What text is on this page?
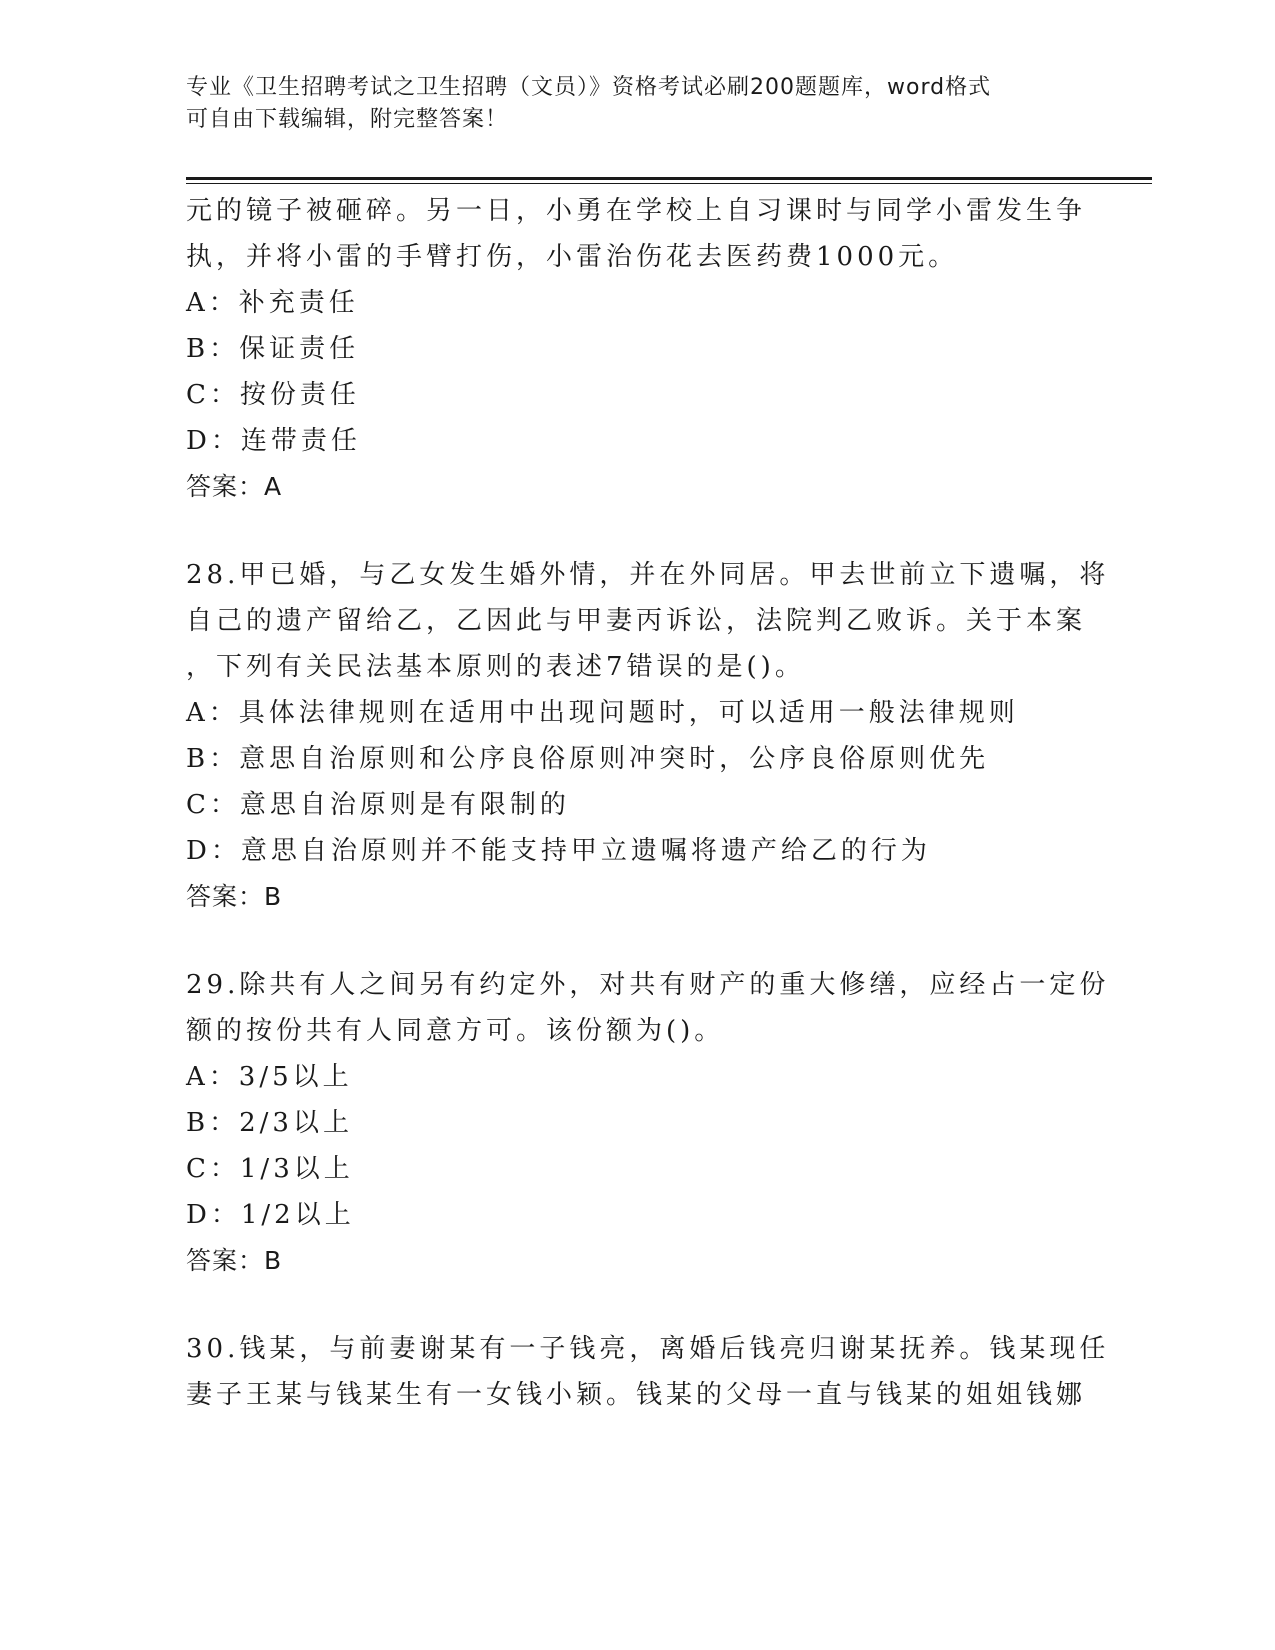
专业《卫生招聘考试之卫生招聘（文员）》资格考试必刷200题题库，word格式
可自由下载编辑，附完整答案！
元的镜子被砸碎。另一日，小勇在学校上自习课时与同学小雷发生争
执，并将小雷的手臂打伤，小雷治伤花去医药费1000元。
A：补充责任
B：保证责任
C：按份责任
D：连带责任
答案：A
28.甲已婚，与乙女发生婚外情，并在外同居。甲去世前立下遗嘱，将
自己的遗产留给乙，乙因此与甲妻丙诉讼，法院判乙败诉。关于本案
，下列有关民法基本原则的表述7错误的是()。
A：具体法律规则在适用中出现问题时，可以适用一般法律规则
B：意思自治原则和公序良俗原则冲突时，公序良俗原则优先
C：意思自治原则是有限制的
D：意思自治原则并不能支持甲立遗嘱将遗产给乙的行为
答案：B
29.除共有人之间另有约定外，对共有财产的重大修缮，应经占一定份
额的按份共有人同意方可。该份额为()。
A：3/5以上
B：2/3以上
C：1/3以上
D：1/2以上
答案：B
30.钱某，与前妻谢某有一子钱亮，离婚后钱亮归谢某抚养。钱某现任
妻子王某与钱某生有一女钱小颖。钱某的父母一直与钱某的姐姐钱娜
